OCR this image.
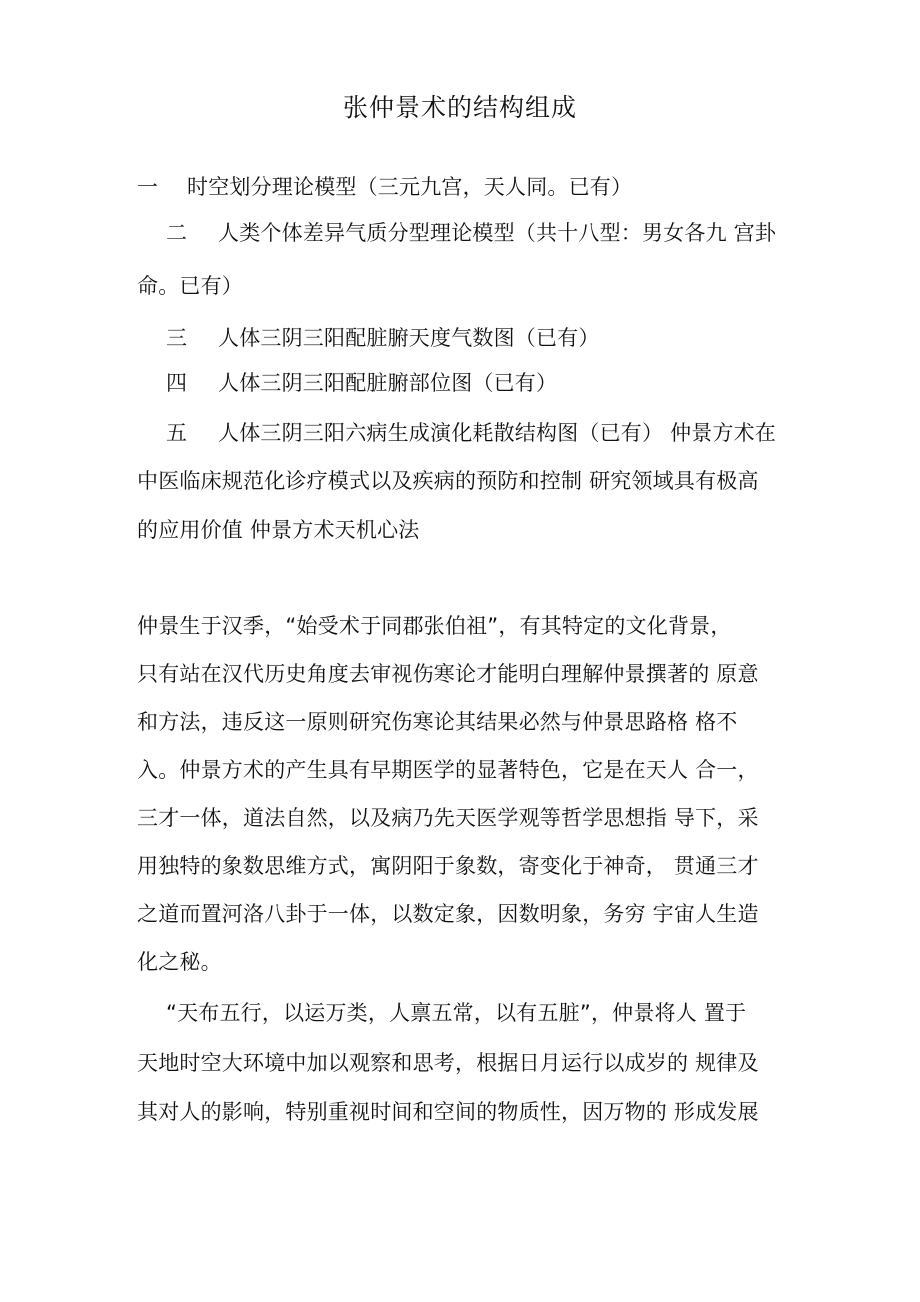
张仲景术的结构组成
一 时空划分理论模型（三元九宫，天人同。已有）
二 人类个体差异气质分型理论模型（共十八型：男女各九 宫卦
命。已有）
三 人体三阴三阳配脏腑天度气数图（已有）
四 人体三阴三阳配脏腑部位图（已有）
五 人体三阴三阳六病生成演化耗散结构图（已有） 仲景方术在
中医临床规范化诊疗模式以及疾病的预防和控制 研究领域具有极高
的应用价值 仲景方术天机心法
仲景生于汉季，“始受术于同郡张伯祖”，有其特定的文化背景，
只有站在汉代历史角度去审视伤寒论才能明白理解仲景撰著的 原意
和方法，违反这一原则研究伤寒论其结果必然与仲景思路格 格不
入。仲景方术的产生具有早期医学的显著特色，它是在天人 合一，
三才一体，道法自然，以及病乃先天医学观等哲学思想指 导下，采
用独特的象数思维方式，寓阴阳于象数，寄变化于神奇， 贯通三才
之道而置河洛八卦于一体，以数定象，因数明象，务穷 宇宙人生造
化之秘。
“天布五行，以运万类，人禀五常，以有五脏”，仲景将人 置于
天地时空大环境中加以观察和思考，根据日月运行以成岁的 规律及
其对人的影响，特别重视时间和空间的物质性，因万物的 形成发展
